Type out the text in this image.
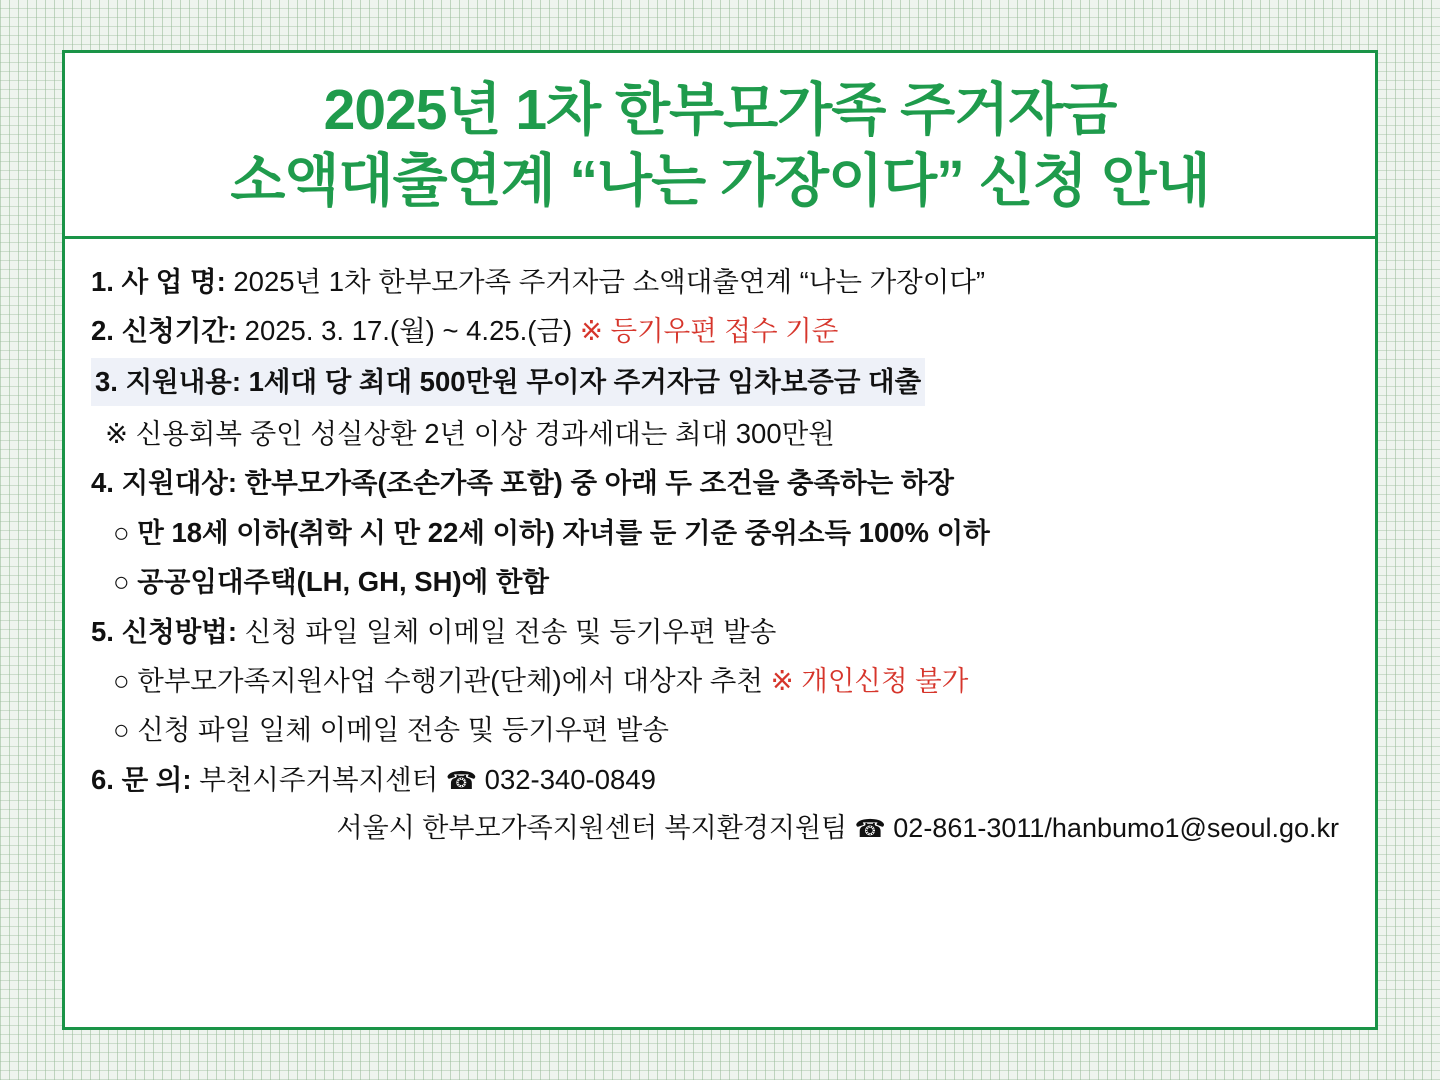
2025년 1차 한부모가족 주거자금
소액대출연계 “나는 가장이다” 신청 안내
1. 사 업 명: 2025년 1차 한부모가족 주거자금 소액대출연계 “나는 가장이다”
2. 신청기간: 2025. 3. 17.(월) ~ 4.25.(금) ※ 등기우편 접수 기준
3. 지원내용: 1세대 당 최대 500만원 무이자 주거자금 임차보증금 대출
※ 신용회복 중인 성실상환 2년 이상 경과세대는 최대 300만원
4. 지원대상: 한부모가족(조손가족 포함) 중 아래 두 조건을 충족하는 하장
○ 만 18세 이하(취학 시 만 22세 이하) 자녀를 둔 기준 중위소득 100% 이하
○ 공공임대주택(LH, GH, SH)에 한함
5. 신청방법: 신청 파일 일체 이메일 전송 및 등기우편 발송
○ 한부모가족지원사업 수행기관(단체)에서 대상자 추천 ※ 개인신청 불가
○ 신청 파일 일체 이메일 전송 및 등기우편 발송
6. 문 의: 부천시주거복지센터 ☎ 032-340-0849
서울시 한부모가족지원센터 복지환경지원팀 ☎ 02-861-3011/hanbumo1@seoul.go.kr
